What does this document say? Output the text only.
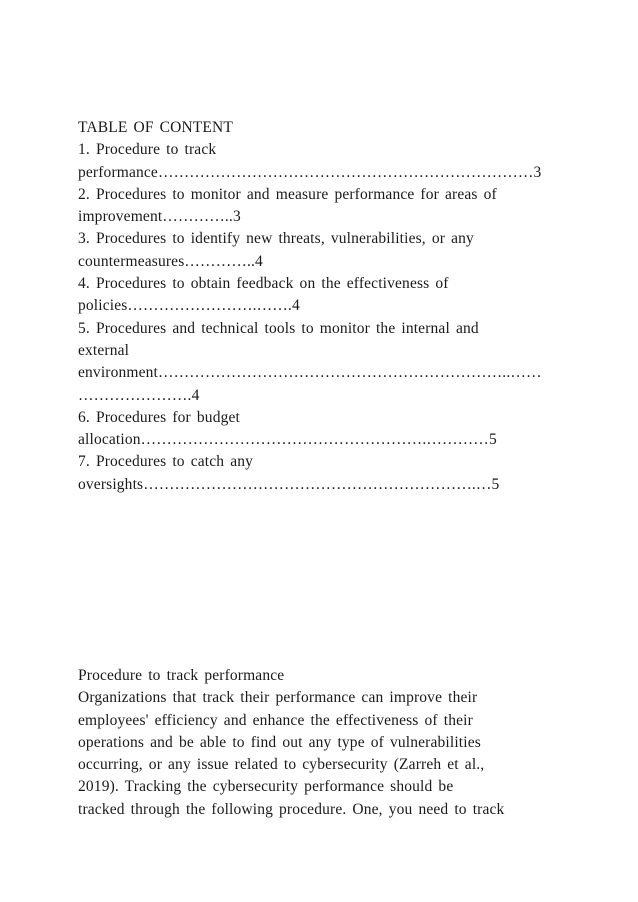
TABLE OF CONTENT
1. Procedure to track
performance………………………………………………………………3
2. Procedures to monitor and measure performance for areas of
improvement…………..3
3. Procedures to identify new threats, vulnerabilities, or any
countermeasures…………..4
4. Procedures to obtain feedback on the effectiveness of
policies…………………….…….4
5. Procedures and technical tools to monitor the internal and
external
environment…………………………………………………………..……
………………….4
6. Procedures for budget
allocation……………………………………………….…………5
7. Procedures to catch any
oversights……………………………………………………….…5
Procedure to track performance
Organizations that track their performance can improve their
employees' efficiency and enhance the effectiveness of their
operations and be able to find out any type of vulnerabilities
occurring, or any issue related to cybersecurity (Zarreh et al.,
2019). Tracking the cybersecurity performance should be
tracked through the following procedure. One, you need to track
